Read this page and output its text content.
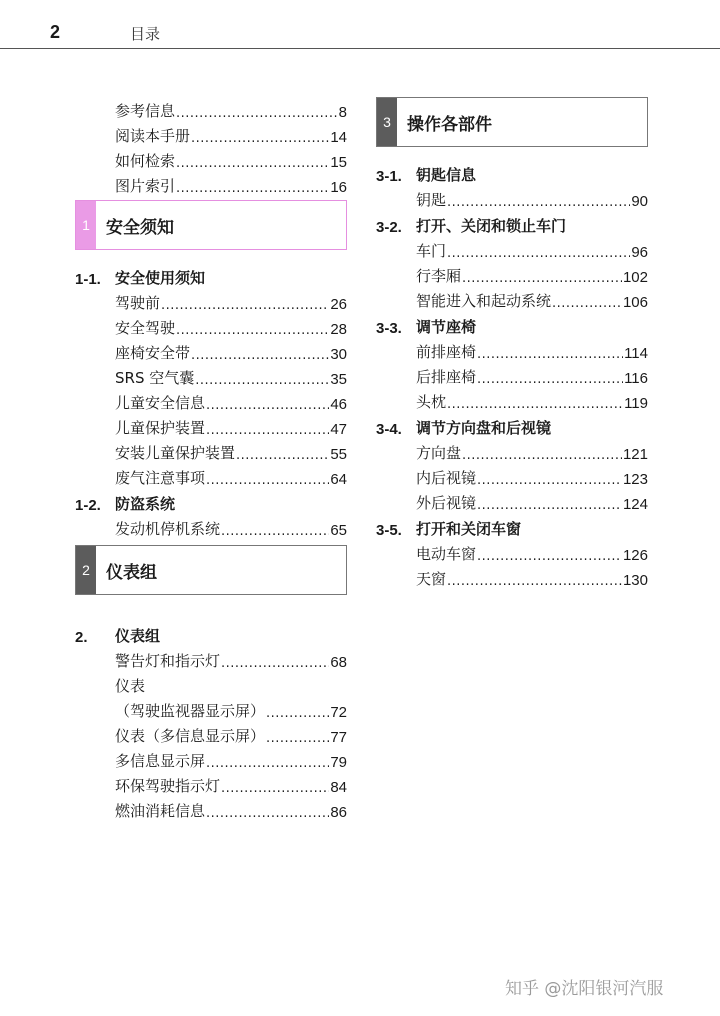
2	目录
参考信息 .....	8
阅读本手册 .....	14
如何检索 .....	15
图片索引 .....	16
1 安全须知
1-1. 安全使用须知
驾驶前 .....	26
安全驾驶 .....	28
座椅安全带 .....	30
SRS 空气囊 .....	35
儿童安全信息 .....	46
儿童保护装置 .....	47
安装儿童保护装置 .....	55
废气注意事项 .....	64
1-2. 防盗系统
发动机停机系统 .....	65
2 仪表组
2.	仪表组
警告灯和指示灯 .....	68
仪表
（驾驶监视器显示屏） .....	72
仪表（多信息显示屏） .....	77
多信息显示屏 .....	79
环保驾驶指示灯 .....	84
燃油消耗信息 .....	86
3 操作各部件
3-1. 钥匙信息
钥匙 .....	90
3-2. 打开、关闭和锁止车门
车门 .....	96
行李厢 .....	102
智能进入和起动系统 .....	106
3-3. 调节座椅
前排座椅 .....	114
后排座椅 .....	116
头枕 .....	119
3-4. 调节方向盘和后视镜
方向盘 .....	121
内后视镜 .....	123
外后视镜 .....	124
3-5. 打开和关闭车窗
电动车窗 .....	126
天窗 .....	130
知乎 @沈阳银河汽服
